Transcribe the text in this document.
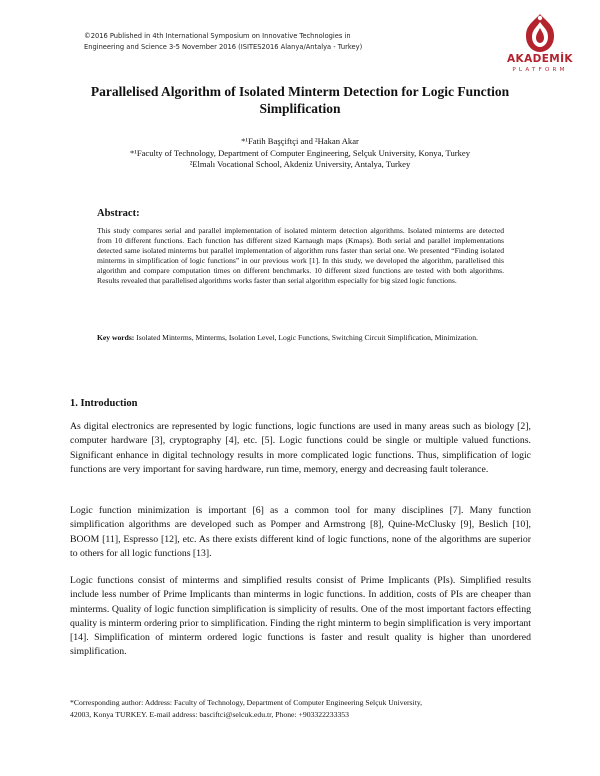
©2016 Published in 4th International Symposium on Innovative Technologies in
Engineering and Science 3-5 November 2016 (ISITES2016 Alanya/Antalya - Turkey)
AKADEMİK
PLATFORM
Parallelised Algorithm of Isolated Minterm Detection for Logic Function Simplification
*¹Fatih Başçiftçi and ²Hakan Akar
*¹Faculty of Technology, Department of Computer Engineering, Selçuk University, Konya, Turkey
²Elmalı Vocational School, Akdeniz University, Antalya, Turkey
Abstract:
This study compares serial and parallel implementation of isolated minterm detection algorithms. Isolated minterms are detected from 10 different functions. Each function has different sized Karnaugh maps (Kmaps). Both serial and parallel implementations detected same isolated minterms but parallel implementation of algorithm runs faster than serial one. We presented “Finding isolated minterms in simplification of logic functions” in our previous work [1]. In this study, we developed the algorithm, parallelised this algorithm and compare computation times on different benchmarks. 10 different sized functions are tested with both algorithms. Results revealed that parallelised algorithms works faster than serial algorithm especially for big sized logic functions.
Key words: Isolated Minterms, Minterms, Isolation Level, Logic Functions, Switching Circuit Simplification, Minimization.
1. Introduction
As digital electronics are represented by logic functions, logic functions are used in many areas such as biology [2], computer hardware [3], cryptography [4], etc. [5]. Logic functions could be single or multiple valued functions. Significant enhance in digital technology results in more complicated logic functions. Thus, simplification of logic functions are very important for saving hardware, run time, memory, energy and decreasing fault tolerance.
Logic function minimization is important [6] as a common tool for many disciplines [7]. Many function simplification algorithms are developed such as Pomper and Armstrong [8], Quine-McClusky [9], Beslich [10], BOOM [11], Espresso [12], etc. As there exists different kind of logic functions, none of the algorithms are superior to others for all logic functions [13].
Logic functions consist of minterms and simplified results consist of Prime Implicants (PIs). Simplified results include less number of Prime Implicants than minterms in logic functions. In addition, costs of PIs are cheaper than minterms. Quality of logic function simplification is simplicity of results. One of the most important factors effecting quality is minterm ordering prior to simplification. Finding the right minterm to begin simplification is very important [14]. Simplification of minterm ordered logic functions is faster and result quality is higher than unordered simplification.
*Corresponding author: Address: Faculty of Technology, Department of Computer Engineering Selçuk University,
42003, Konya TURKEY. E-mail address: basciftci@selcuk.edu.tr, Phone: +903322233353
